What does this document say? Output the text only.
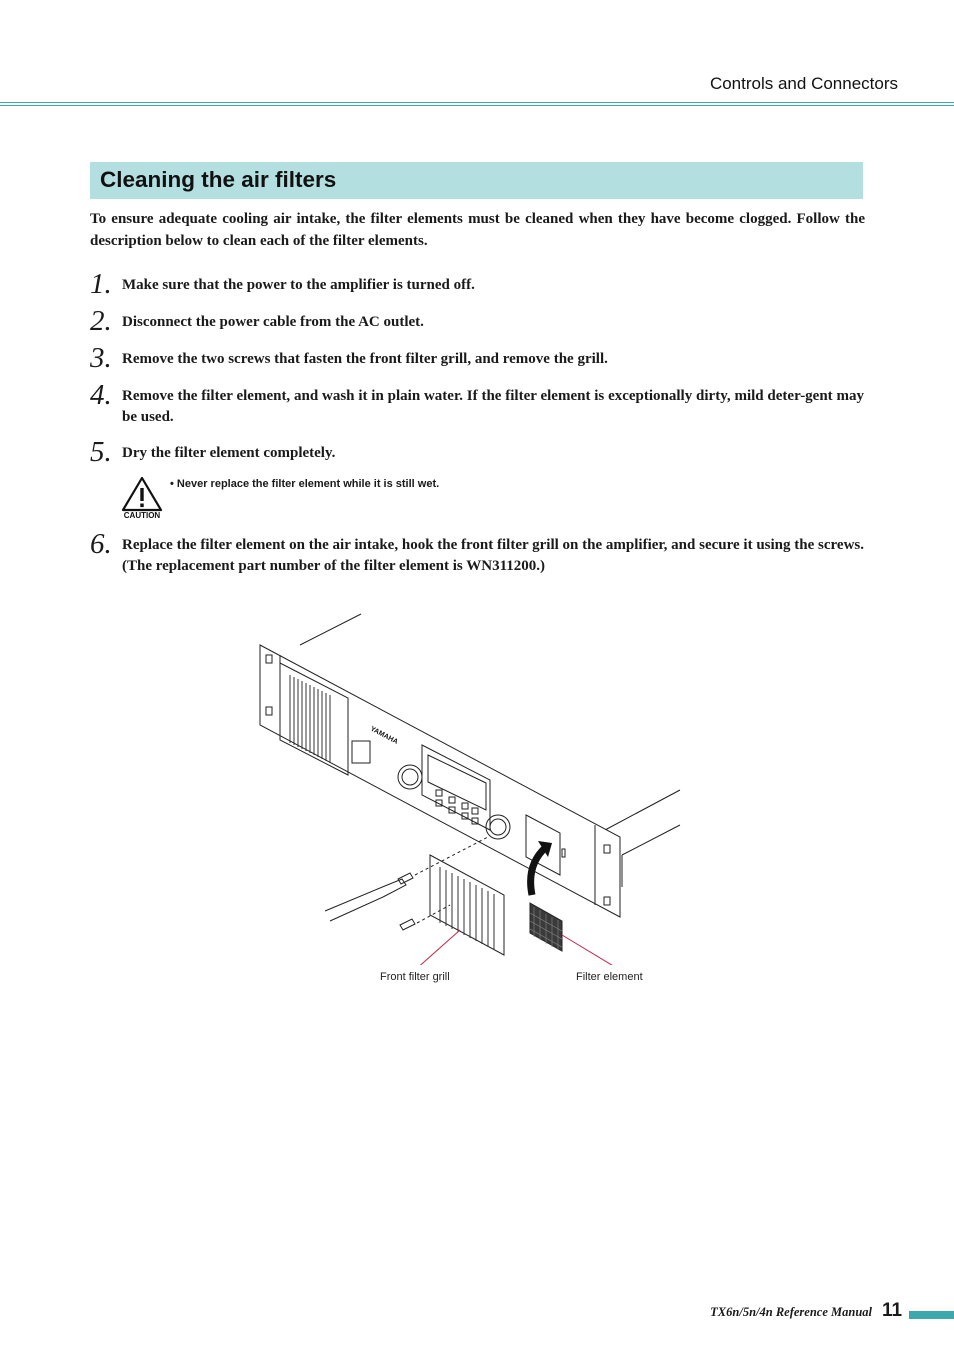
Controls and Connectors
Cleaning the air filters

To ensure adequate cooling air intake, the filter elements must be cleaned when they have become clogged. Follow the description below to clean each of the filter elements.

1. Make sure that the power to the amplifier is turned off.
2. Disconnect the power cable from the AC outlet.
3. Remove the two screws that fasten the front filter grill, and remove the grill.
4. Remove the filter element, and wash it in plain water. If the filter element is exceptionally dirty, mild deter-gent may be used.
5. Dry the filter element completely.
CAUTION
• Never replace the filter element while it is still wet.
6. Replace the filter element on the air intake, hook the front filter grill on the amplifier, and secure it using the screws. (The replacement part number of the filter element is WN311200.)
YAMAHA
Front filter grill	Filter element
TX6n/5n/4n Reference Manual 11
